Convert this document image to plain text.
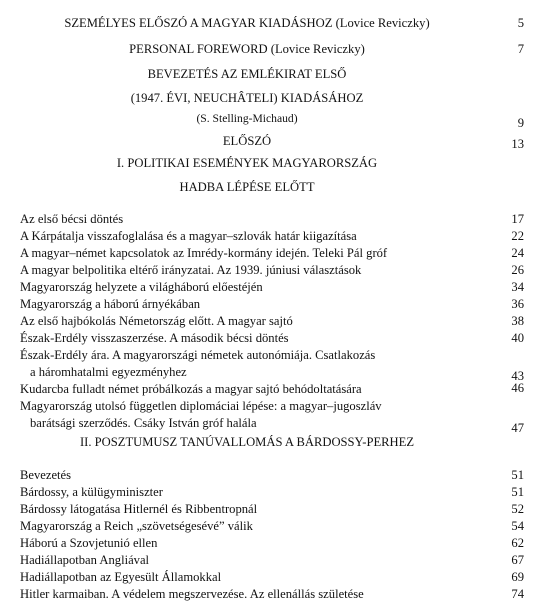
SZEMÉLYES ELŐSZÓ A MAGYAR KIADÁSHOZ (Lovice Reviczky)	5
PERSONAL FOREWORD (Lovice Reviczky)	7
BEVEZETÉS AZ EMLÉKIRAT ELSŐ
(1947. ÉVI, NEUCHÂTELI) KIADÁSÁHOZ
(S. Stelling-Michaud)	9
ELŐSZÓ	13
I. POLITIKAI ESEMÉNYEK MAGYARORSZÁG
HADBA LÉPÉSE ELŐTT
Az első bécsi döntés	17
A Kárpátalja visszafoglalása és a magyar–szlovák határ kiigazítása	22
A magyar–német kapcsolatok az Imrédy-kormány idején. Teleki Pál gróf	24
A magyar belpolitika eltérő irányzatai. Az 1939. júniusi választások	26
Magyarország helyzete a világháború előestéjén	34
Magyarország a háború árnyékában	36
Az első hajbókolás Németország előtt. A magyar sajtó	38
Észak-Erdély visszaszerzése. A második bécsi döntés	40
Észak-Erdély ára. A magyarországi németek autonómiája. Csatlakozás
a háromhatalmi egyezményhez	43
Kudarcba fulladt német próbálkozás a magyar sajtó behódoltatására	46
Magyarország utolsó független diplomáciai lépése: a magyar–jugoszláv
barátsági szerződés. Csáky István gróf halála	47
II. POSZTUMUSZ TANÚVALLOMÁS A BÁRDOSSY-PERHEZ
Bevezetés	51
Bárdossy, a külügyminiszter	51
Bárdossy látogatása Hitlernél és Ribbentropnál	52
Magyarország a Reich „szövetségesévé” válik	54
Háború a Szovjetunió ellen	62
Hadiállapotban Angliával	67
Hadiállapotban az Egyesült Államokkal	69
Hitler karmaiban. A védelem megszervezése. Az ellenállás születése	74
